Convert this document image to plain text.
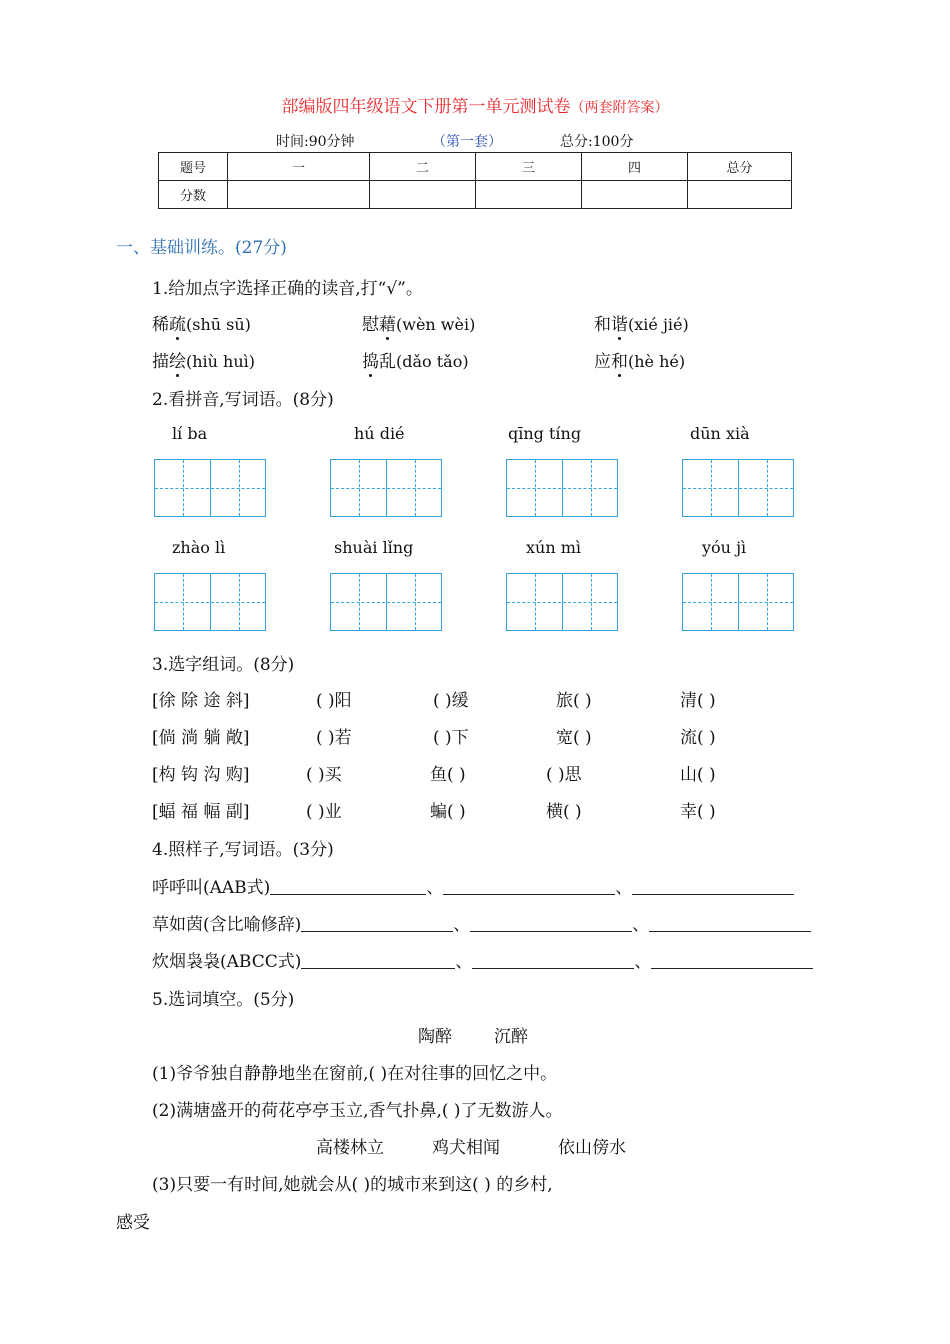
部编版四年级语文下册第一单元测试卷（两套附答案）
时间:90分钟	（第一套）	总分:100分
题号	一	二	三	四	总分
分数					
一、基础训练。(27分)
1.给加点字选择正确的读音,打“√”。
稀疏(shū sū)	慰藉(wèn wèi)	和谐(xié jié)
描绘(hiù huì)	捣乱(dǎo tǎo)	应和(hè hé)
2.看拼音,写词语。(8分)
lí ba	hú dié	qīng tíng	dūn xià
zhào lì	shuài lǐng	xún mì	yóu jì
3.选字组词。(8分)
[徐 除 途 斜]	( )阳	( )缓	旅( )	清( )
[倘 淌 躺 敞]	( )若	( )下	宽( )	流( )
[构 钩 沟 购]	( )买	鱼( )	( )思	山( )
[蝠 福 幅 副]	( )业	蝙( )	横( )	幸( )
4.照样子,写词语。(3分)
呼呼叫(AAB式)	、	、
草如茵(含比喻修辞)	、	、
炊烟袅袅(ABCC式)	、	、
5.选词填空。(5分)
陶醉 沉醉
(1)爷爷独自静静地坐在窗前,( )在对往事的回忆之中。
(2)满塘盛开的荷花亭亭玉立,香气扑鼻,( )了无数游人。
高楼林立	鸡犬相闻	依山傍水
(3)只要一有时间,她就会从( )的城市来到这( ) 的乡村,
感受
